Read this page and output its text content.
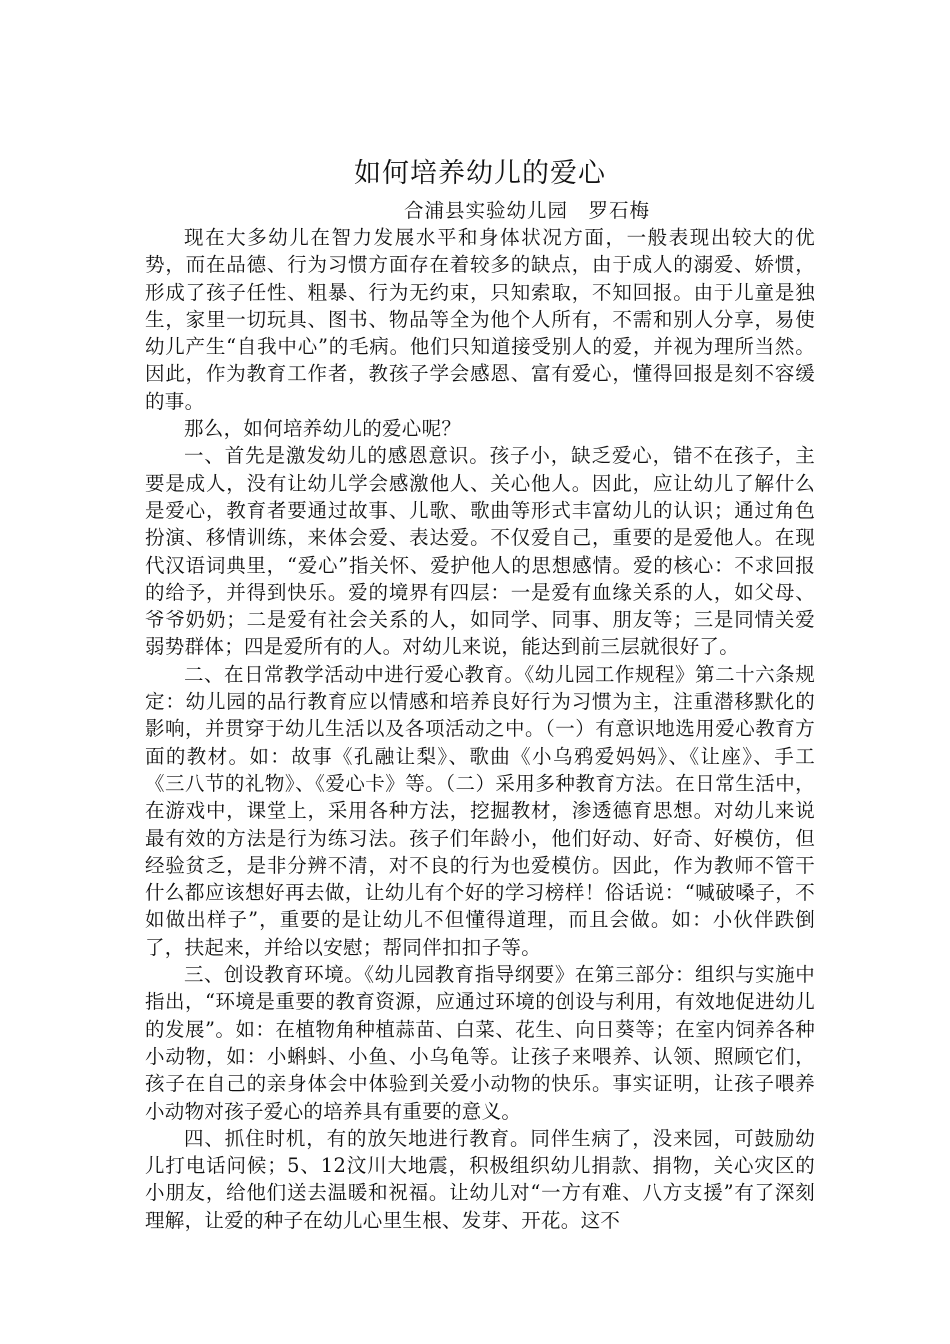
如何培养幼儿的爱心

合浦县实验幼儿园　罗石梅

现在大多幼儿在智力发展水平和身体状况方面，一般表现出较大的优势，而在品德、行为习惯方面存在着较多的缺点，由于成人的溺爱、娇惯，形成了孩子任性、粗暴、行为无约束，只知索取，不知回报。由于儿童是独生，家里一切玩具、图书、物品等全为他个人所有，不需和别人分享，易使幼儿产生“自我中心”的毛病。他们只知道接受别人的爱，并视为理所当然。因此，作为教育工作者，教孩子学会感恩、富有爱心，懂得回报是刻不容缓的事。

那么，如何培养幼儿的爱心呢？

一、首先是激发幼儿的感恩意识。孩子小，缺乏爱心，错不在孩子，主要是成人，没有让幼儿学会感激他人、关心他人。因此，应让幼儿了解什么是爱心，教育者要通过故事、儿歌、歌曲等形式丰富幼儿的认识；通过角色扮演、移情训练，来体会爱、表达爱。不仅爱自己，重要的是爱他人。在现代汉语词典里，“爱心”指关怀、爱护他人的思想感情。爱的核心：不求回报的给予，并得到快乐。爱的境界有四层：一是爱有血缘关系的人，如父母、爷爷奶奶；二是爱有社会关系的人，如同学、同事、朋友等；三是同情关爱弱势群体；四是爱所有的人。对幼儿来说，能达到前三层就很好了。

二、在日常教学活动中进行爱心教育。《幼儿园工作规程》第二十六条规定：幼儿园的品行教育应以情感和培养良好行为习惯为主，注重潜移默化的影响，并贯穿于幼儿生活以及各项活动之中。（一）有意识地选用爱心教育方面的教材。如：故事《孔融让梨》、歌曲《小乌鸦爱妈妈》、《让座》、手工《三八节的礼物》、《爱心卡》等。（二）采用多种教育方法。在日常生活中，在游戏中，课堂上，采用各种方法，挖掘教材，渗透德育思想。对幼儿来说最有效的方法是行为练习法。孩子们年龄小，他们好动、好奇、好模仿，但经验贫乏，是非分辨不清，对不良的行为也爱模仿。因此，作为教师不管干什么都应该想好再去做，让幼儿有个好的学习榜样！俗话说：“喊破嗓子，不如做出样子”，重要的是让幼儿不但懂得道理，而且会做。如：小伙伴跌倒了，扶起来，并给以安慰；帮同伴扣扣子等。

三、创设教育环境。《幼儿园教育指导纲要》在第三部分：组织与实施中指出，“环境是重要的教育资源，应通过环境的创设与利用，有效地促进幼儿的发展”。如：在植物角种植蒜苗、白菜、花生、向日葵等；在室内饲养各种小动物，如：小蝌蚪、小鱼、小乌龟等。让孩子来喂养、认领、照顾它们，孩子在自己的亲身体会中体验到关爱小动物的快乐。事实证明，让孩子喂养小动物对孩子爱心的培养具有重要的意义。

四、抓住时机，有的放矢地进行教育。同伴生病了，没来园，可鼓励幼儿打电话问候；5、12汶川大地震，积极组织幼儿捐款、捐物，关心灾区的小朋友，给他们送去温暖和祝福。让幼儿对“一方有难、八方支援”有了深刻理解，让爱的种子在幼儿心里生根、发芽、开花。这不
